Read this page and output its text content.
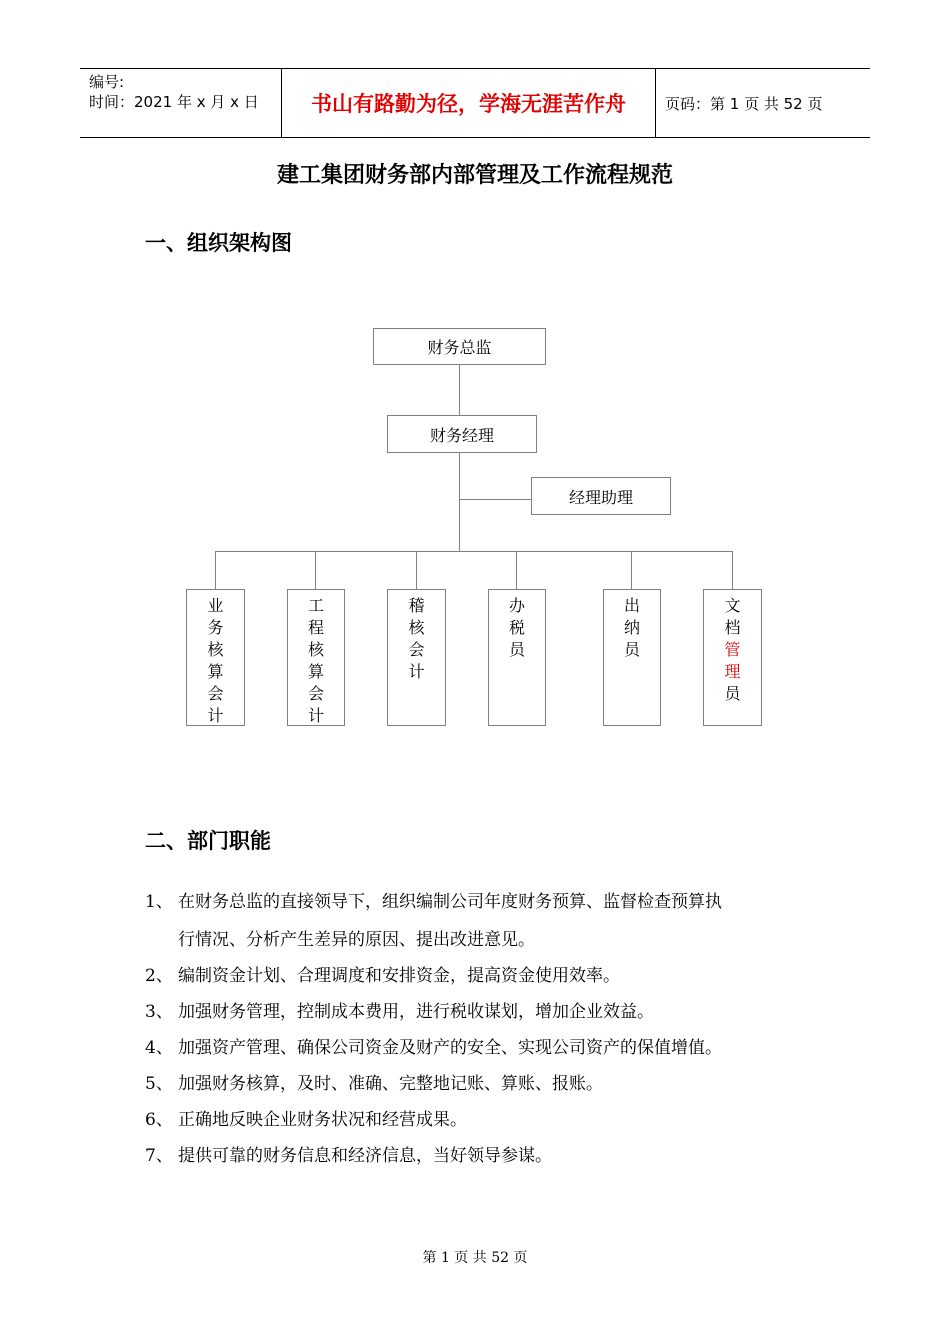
编号:
时间：2021 年 x 月 x 日	书山有路勤为径，学海无涯苦作舟	页码：第 1 页 共 52 页
建工集团财务部内部管理及工作流程规范
一、组织架构图
财务总监
财务经理
经理助理
业
务
核
算
会
计
工
程
核
算
会
计
稽
核
会
计
办
税
员
出
纳
员
文
档
管
理
员
二、部门职能
1、 在财务总监的直接领导下，组织编制公司年度财务预算、监督检查预算执
行情况、分析产生差异的原因、提出改进意见。
2、 编制资金计划、合理调度和安排资金，提高资金使用效率。
3、 加强财务管理，控制成本费用，进行税收谋划，增加企业效益。
4、 加强资产管理、确保公司资金及财产的安全、实现公司资产的保值增值。
5、 加强财务核算，及时、准确、完整地记账、算账、报账。
6、 正确地反映企业财务状况和经营成果。
7、 提供可靠的财务信息和经济信息，当好领导参谋。
第 1 页 共 52 页
